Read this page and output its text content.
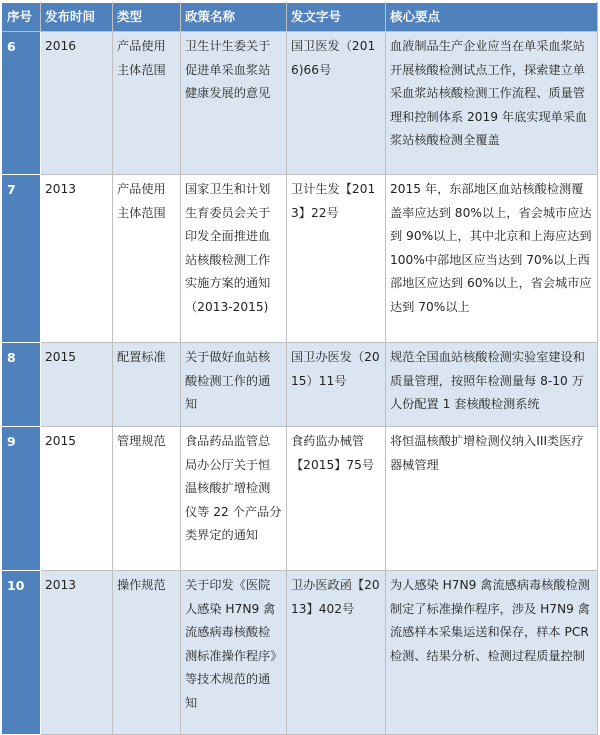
序号	发布时间	类型	政策名称	发文字号	核心要点
6	2016	产品使用主体范围	卫生计生委关于促进单采血浆站健康发展的意见	国卫医发（2016)66号	血液制品生产企业应当在单采血浆站开展核酸检测试点工作，探索建立单采血浆站核酸检测工作流程、质量管理和控制体系 2019 年底实现单采血浆站核酸检测全覆盖
7	2013	产品使用主体范围	国家卫生和计划生育委员会关于印发全面推进血站核酸检测工作实施方案的通知（2013-2015)	卫计生发【2013】22号	2015 年，东部地区血站核酸检测覆盖率应达到 80%以上，省会城市应达到 90%以上，其中北京和上海应达到 100%中部地区应当达到 70%以上西部地区应达到 60%以上，省会城市应达到 70%以上
8	2015	配置标准	关于做好血站核酸检测工作的通知	国卫办医发（2015）11号	规范全国血站核酸检测实验室建设和质量管理，按照年检测量每 8-10 万人份配置 1 套核酸检测系统
9	2015	管理规范	食品药品监管总局办公厅关于恒温核酸扩增检测仪等 22 个产品分类界定的通知	食药监办械管【2015】75号	将恒温核酸扩增检测仪纳入III类医疗器械管理
10	2013	操作规范	关于印发《医院人感染 H7N9 禽流感病毒核酸检测标准操作程序》等技术规范的通知	卫办医政函【2013】402号	为人感染 H7N9 禽流感病毒核酸检测制定了标准操作程序，涉及 H7N9 禽流感样本采集运送和保存，样本 PCR 检测、结果分析、检测过程质量控制
